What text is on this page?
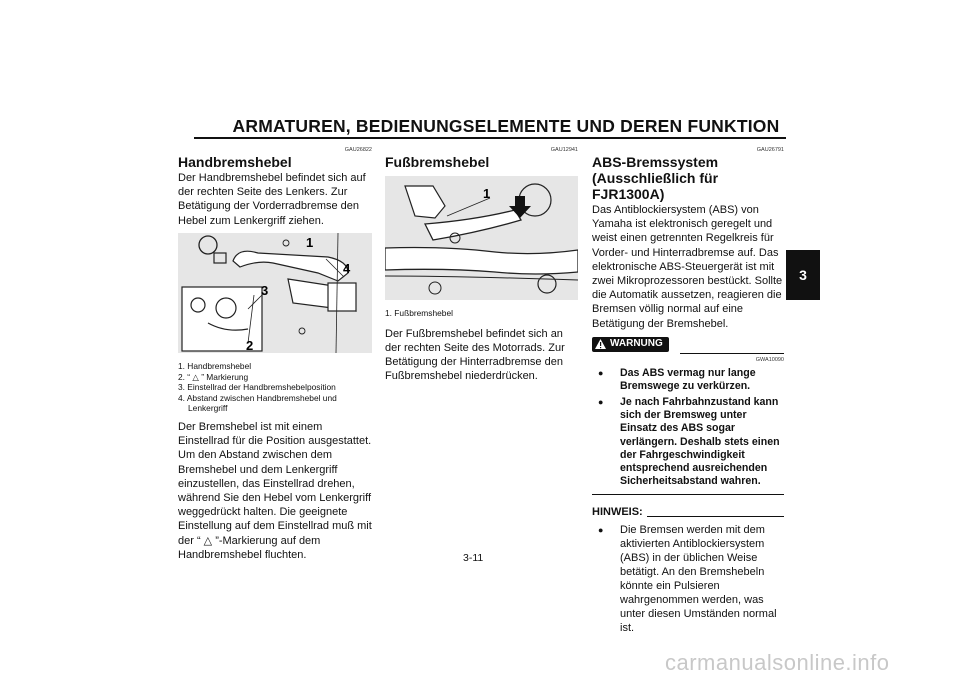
ARMATUREN, BEDIENUNGSELEMENTE UND DEREN FUNKTION
3
GAU26822
Handbremshebel

Der Handbremshebel befindet sich auf der rechten Seite des Lenkers. Zur Betätigung der Vorderradbremse den Hebel zum Lenkergriff ziehen.

1
4
3
2
1. Handbremshebel
2. “ △ ” Markierung
3. Einstellrad der Handbremshebelposition
4. Abstand zwischen Handbremshebel und Lenkergriff

Der Bremshebel ist mit einem Einstellrad für die Position ausgestattet. Um den Abstand zwischen dem Bremshebel und dem Lenkergriff einzustellen, das Einstellrad drehen, während Sie den Hebel vom Lenkergriff weggedrückt halten. Die geeignete Einstellung auf dem Einstellrad muß mit der “ △ ”-Markierung auf dem Handbremshebel fluchten.

GAU12941
Fußbremshebel
1
1. Fußbremshebel

Der Fußbremshebel befindet sich an der rechten Seite des Motorrads. Zur Betätigung der Hinterradbremse den Fußbremshebel niederdrücken.

GAU26791
ABS-Bremssystem
(Ausschließlich für FJR1300A)

Das Antiblockiersystem (ABS) von Yamaha ist elektronisch geregelt und weist einen getrennten Regelkreis für Vorder- und Hinterradbremse auf. Das elektronische ABS-Steuergerät ist mit zwei Mikroprozessoren bestückt. Sollte die Automatik aussetzen, reagieren die Bremsen völlig normal auf eine Betätigung der Bremshebel.

WARNUNG
GWA10090
●	Das ABS vermag nur lange Bremswege zu verkürzen.
●	Je nach Fahrbahnzustand kann sich der Bremsweg unter Einsatz des ABS sogar verlängern. Deshalb stets einen der Fahrgeschwindigkeit entsprechend ausreichenden Sicherheitsabstand wahren.
HINWEIS:
●	Die Bremsen werden mit dem aktivierten Antiblockiersystem (ABS) in der üblichen Weise betätigt. An den Bremshebeln könnte ein Pulsieren wahrgenommen werden, was unter diesen Umständen normal ist.
3-11
carmanualsonline.info
